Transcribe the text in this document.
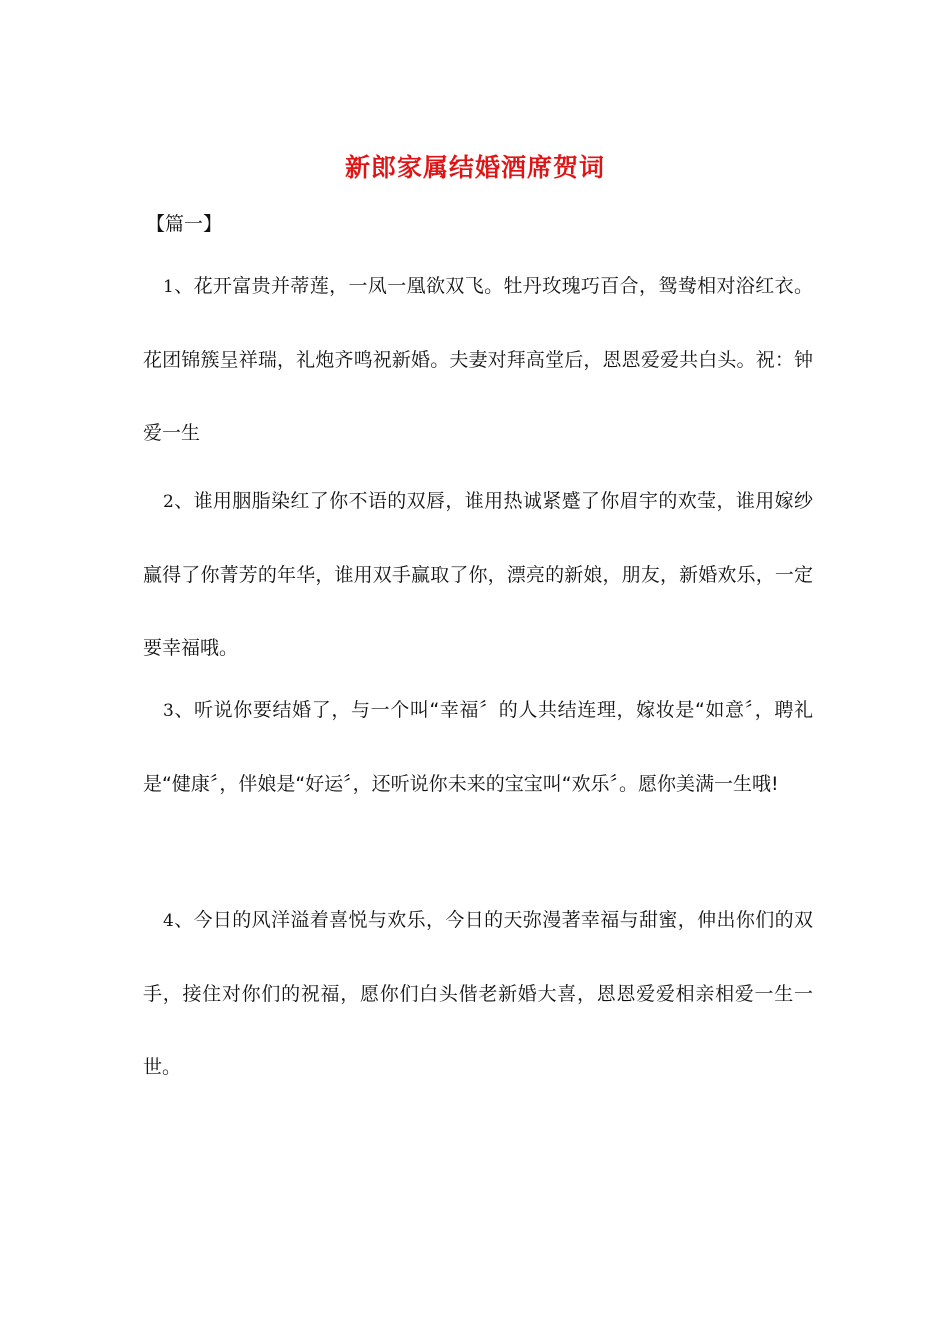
新郎家属结婚酒席贺词
【篇一】

1、花开富贵并蒂莲，一凤一凰欲双飞。牡丹玫瑰巧百合，鸳鸯相对浴红衣。花团锦簇呈祥瑞，礼炮齐鸣祝新婚。夫妻对拜高堂后，恩恩爱爱共白头。祝：钟爱一生

2、谁用胭脂染红了你不语的双唇，谁用热诚紧蹙了你眉宇的欢莹，谁用嫁纱赢得了你菁芳的年华，谁用双手赢取了你，漂亮的新娘，朋友，新婚欢乐，一定要幸福哦。

3、听说你要结婚了，与一个叫“幸福〞的人共结连理，嫁妆是“如意〞，聘礼是“健康〞，伴娘是“好运〞，还听说你未来的宝宝叫“欢乐〞。愿你美满一生哦!

4、今日的风洋溢着喜悦与欢乐，今日的天弥漫著幸福与甜蜜，伸出你们的双手，接住对你们的祝福，愿你们白头偕老新婚大喜，恩恩爱爱相亲相爱一生一世。
